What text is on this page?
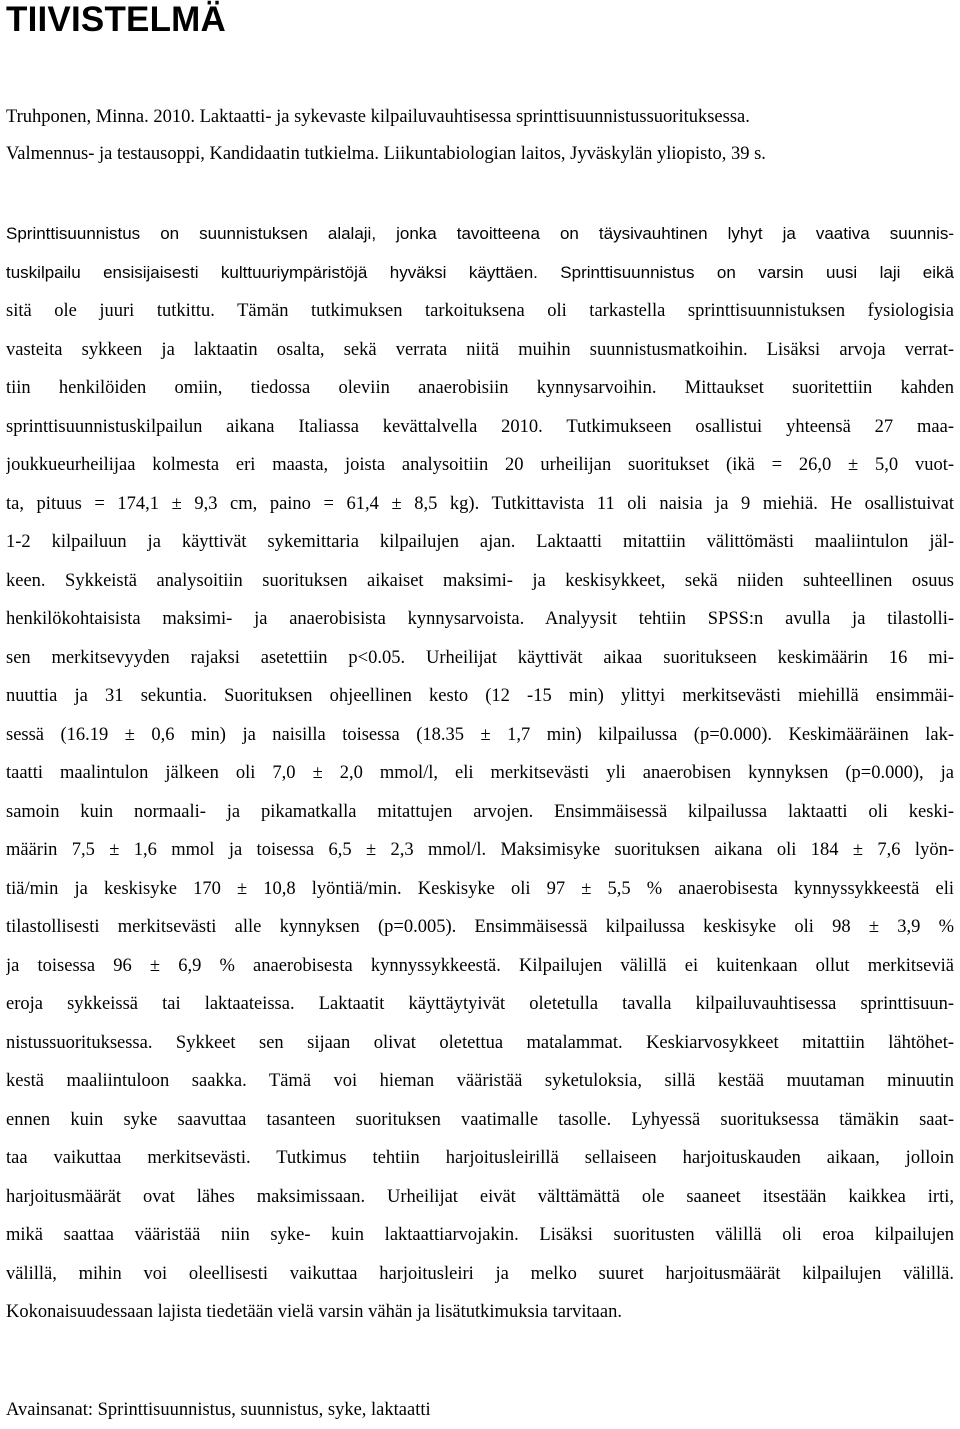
TIIVISTELMÄ

Truhponen, Minna. 2010. Laktaatti- ja sykevaste kilpailuvauhtisessa sprinttisuunnistussuorituksessa.
Valmennus- ja testausoppi, Kandidaatin tutkielma. Liikuntabiologian laitos, Jyväskylän yliopisto, 39 s.

Sprinttisuunnistus on suunnistuksen alalaji, jonka tavoitteena on täysivauhtinen lyhyt ja vaativa suunnis-
tuskilpailu ensisijaisesti kulttuuriympäristöjä hyväksi käyttäen. Sprinttisuunnistus on varsin uusi laji eikä
sitä ole juuri tutkittu. Tämän tutkimuksen tarkoituksena oli tarkastella sprinttisuunnistuksen fysiologisia
vasteita sykkeen ja laktaatin osalta, sekä verrata niitä muihin suunnistusmatkoihin. Lisäksi arvoja verrat-
tiin henkilöiden omiin, tiedossa oleviin anaerobisiin kynnysarvoihin. Mittaukset suoritettiin kahden
sprinttisuunnistuskilpailun aikana Italiassa kevättalvella 2010. Tutkimukseen osallistui yhteensä 27 maa-
joukkueurheilijaa kolmesta eri maasta, joista analysoitiin 20 urheilijan suoritukset (ikä = 26,0 ± 5,0 vuot-
ta, pituus = 174,1 ± 9,3 cm, paino = 61,4 ± 8,5 kg). Tutkittavista 11 oli naisia ja 9 miehiä. He osallistuivat
1-2 kilpailuun ja käyttivät sykemittaria kilpailujen ajan. Laktaatti mitattiin välittömästi maaliintulon jäl-
keen. Sykkeistä analysoitiin suorituksen aikaiset maksimi- ja keskisykkeet, sekä niiden suhteellinen osuus
henkilökohtaisista maksimi- ja anaerobisista kynnysarvoista. Analyysit tehtiin SPSS:n avulla ja tilastolli-
sen merkitsevyyden rajaksi asetettiin p<0.05. Urheilijat käyttivät aikaa suoritukseen keskimäärin 16 mi-
nuuttia ja 31 sekuntia. Suorituksen ohjeellinen kesto (12 -15 min) ylittyi merkitsevästi miehillä ensimmäi-
sessä (16.19 ± 0,6 min) ja naisilla toisessa (18.35 ± 1,7 min) kilpailussa (p=0.000). Keskimääräinen lak-
taatti maalintulon jälkeen oli 7,0 ± 2,0 mmol/l, eli merkitsevästi yli anaerobisen kynnyksen (p=0.000), ja
samoin kuin normaali- ja pikamatkalla mitattujen arvojen. Ensimmäisessä kilpailussa laktaatti oli keski-
määrin 7,5 ± 1,6 mmol ja toisessa 6,5 ± 2,3 mmol/l. Maksimisyke suorituksen aikana oli 184 ± 7,6 lyön-
tiä/min ja keskisyke 170 ± 10,8 lyöntiä/min. Keskisyke oli 97 ± 5,5 % anaerobisesta kynnyssykkeestä eli
tilastollisesti merkitsevästi alle kynnyksen (p=0.005). Ensimmäisessä kilpailussa keskisyke oli 98 ± 3,9 %
ja toisessa 96 ± 6,9 % anaerobisesta kynnyssykkeestä. Kilpailujen välillä ei kuitenkaan ollut merkitseviä
eroja sykkeissä tai laktaateissa. Laktaatit käyttäytyivät oletetulla tavalla kilpailuvauhtisessa sprinttisuun-
nistussuorituksessa. Sykkeet sen sijaan olivat oletettua matalammat. Keskiarvosykkeet mitattiin lähtöhet-
kestä maaliintuloon saakka. Tämä voi hieman vääristää syketuloksia, sillä kestää muutaman minuutin
ennen kuin syke saavuttaa tasanteen suorituksen vaatimalle tasolle. Lyhyessä suorituksessa tämäkin saat-
taa vaikuttaa merkitsevästi. Tutkimus tehtiin harjoitusleirillä sellaiseen harjoituskauden aikaan, jolloin
harjoitusmäärät ovat lähes maksimissaan. Urheilijat eivät välttämättä ole saaneet itsestään kaikkea irti,
mikä saattaa vääristää niin syke- kuin laktaattiarvojakin. Lisäksi suoritusten välillä oli eroa kilpailujen
välillä, mihin voi oleellisesti vaikuttaa harjoitusleiri ja melko suuret harjoitusmäärät kilpailujen välillä.
Kokonaisuudessaan lajista tiedetään vielä varsin vähän ja lisätutkimuksia tarvitaan.

Avainsanat: Sprinttisuunnistus, suunnistus, syke, laktaatti
